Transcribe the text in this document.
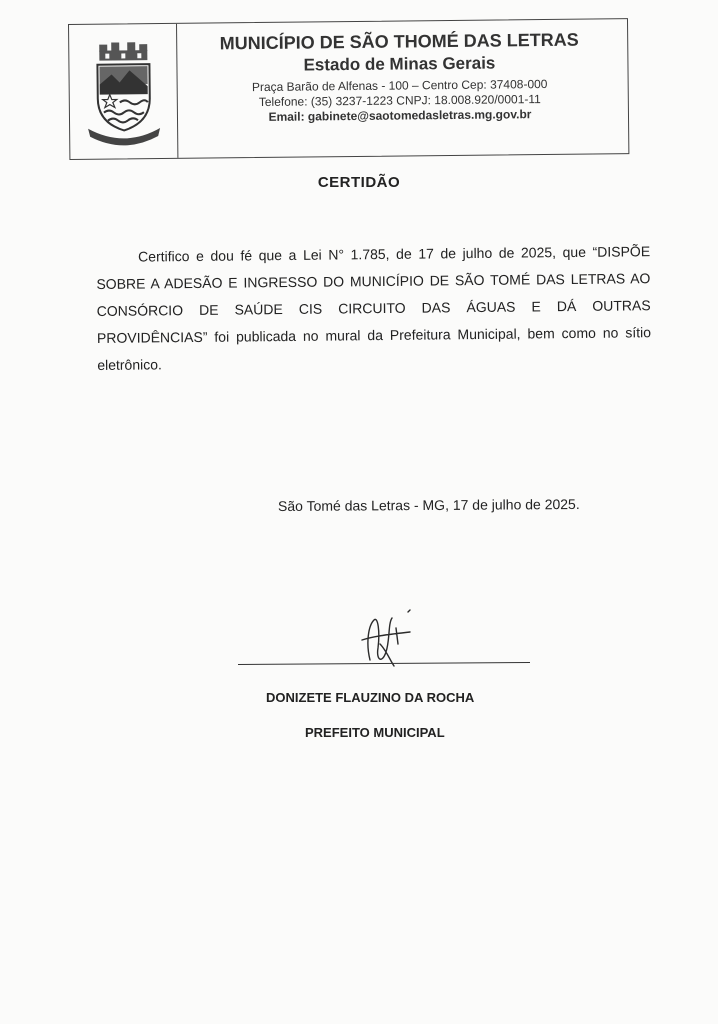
MUNICÍPIO DE SÃO THOMÉ DAS LETRAS

Estado de Minas Gerais

Praça Barão de Alfenas - 100 – Centro Cep: 37408-000

Telefone: (35) 3237-1223 CNPJ: 18.008.920/0001-11

Email: gabinete@saotomedasletras.mg.gov.br

CERTIDÃO
Certifico e dou fé que a Lei N° 1.785, de 17 de julho de 2025, que “DISPÕE SOBRE A ADESÃO E INGRESSO DO MUNICÍPIO DE SÃO TOMÉ DAS LETRAS AO CONSÓRCIO DE SAÚDE CIS CIRCUITO DAS ÁGUAS E DÁ OUTRAS PROVIDÊNCIAS” foi publicada no mural da Prefeitura Municipal, bem como no sítio eletrônico.
São Tomé das Letras - MG, 17 de julho de 2025.
DONIZETE FLAUZINO DA ROCHA
PREFEITO MUNICIPAL
